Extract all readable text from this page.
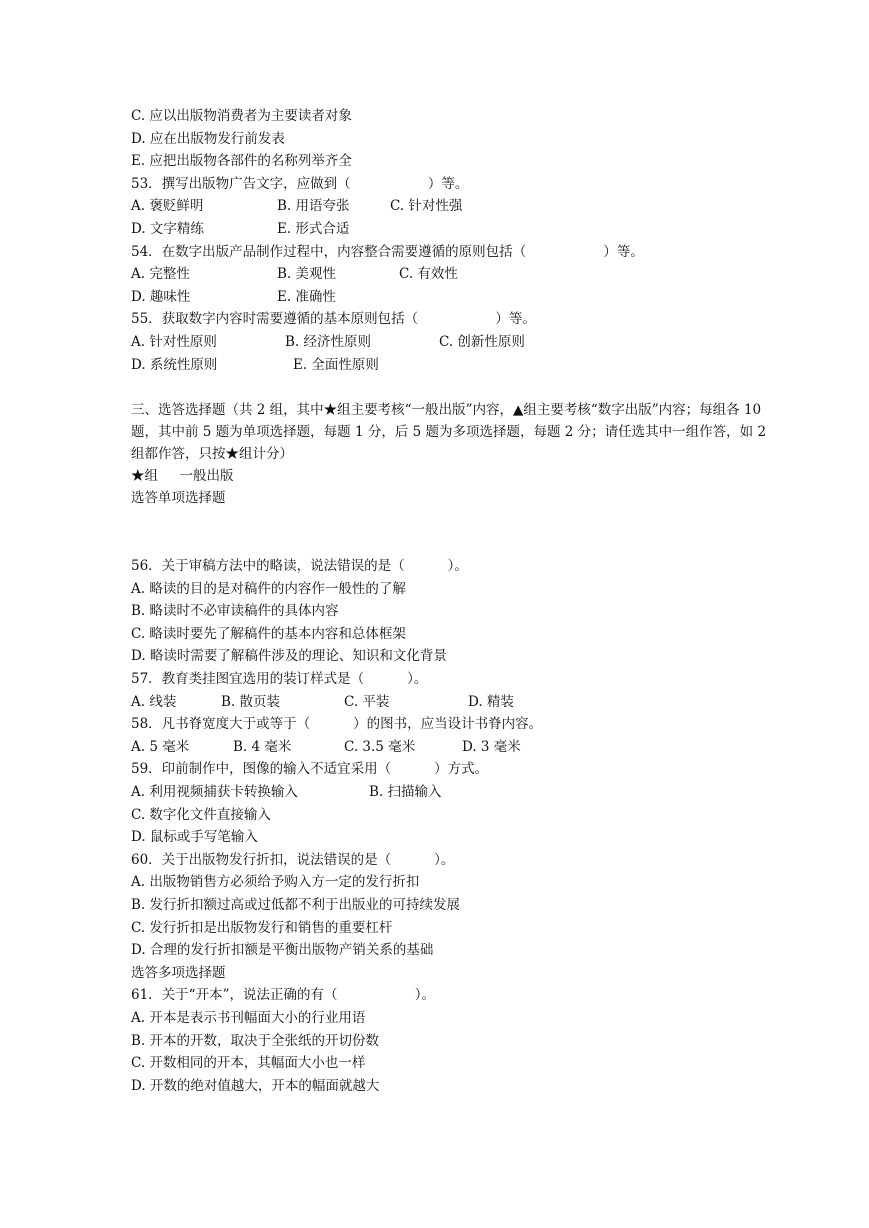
C. 应以出版物消费者为主要读者对象
D. 应在出版物发行前发表
E. 应把出版物各部件的名称列举齐全
53．撰写出版物广告文字，应做到（                  ）等。
A. 褒贬鲜明	B. 用语夸张	C. 针对性强
D. 文字精练	E. 形式合适
54．在数字出版产品制作过程中，内容整合需要遵循的原则包括（                  ）等。
A. 完整性	B. 美观性	C. 有效性
D. 趣味性	E. 准确性
55．获取数字内容时需要遵循的基本原则包括（                  ）等。
A. 针对性原则	B. 经济性原则	C. 创新性原则
D. 系统性原则	E. 全面性原则
三、选答选择题（共 2 组，其中★组主要考核“一般出版”内容，▲组主要考核“数字出版”内容；每组各 10 题，其中前 5 题为单项选择题，每题 1 分，后 5 题为多项选择题，每题 2 分；请任选其中一组作答，如 2 组都作答，只按★组计分）
★组     一般出版
选答单项选择题
56．关于审稿方法中的略读，说法错误的是（          ）。
A. 略读的目的是对稿件的内容作一般性的了解
B. 略读时不必审读稿件的具体内容
C. 略读时要先了解稿件的基本内容和总体框架
D. 略读时需要了解稿件涉及的理论、知识和文化背景
57．教育类挂图宜选用的装订样式是（          ）。
A. 线装	B. 散页装	C. 平装	D. 精装
58．凡书脊宽度大于或等于（          ）的图书，应当设计书脊内容。
A. 5 毫米	B. 4 毫米	C. 3.5 毫米	D. 3 毫米
59．印前制作中，图像的输入不适宜采用（          ）方式。
A. 利用视频捕获卡转换输入	B. 扫描输入
C. 数字化文件直接输入
D. 鼠标或手写笔输入
60．关于出版物发行折扣，说法错误的是（          ）。
A. 出版物销售方必须给予购入方一定的发行折扣
B. 发行折扣额过高或过低都不利于出版业的可持续发展
C. 发行折扣是出版物发行和销售的重要杠杆
D. 合理的发行折扣额是平衡出版物产销关系的基础
选答多项选择题
61．关于“开本”，说法正确的有（                  ）。
A. 开本是表示书刊幅面大小的行业用语
B. 开本的开数，取决于全张纸的开切份数
C. 开数相同的开本，其幅面大小也一样
D. 开数的绝对值越大，开本的幅面就越大
